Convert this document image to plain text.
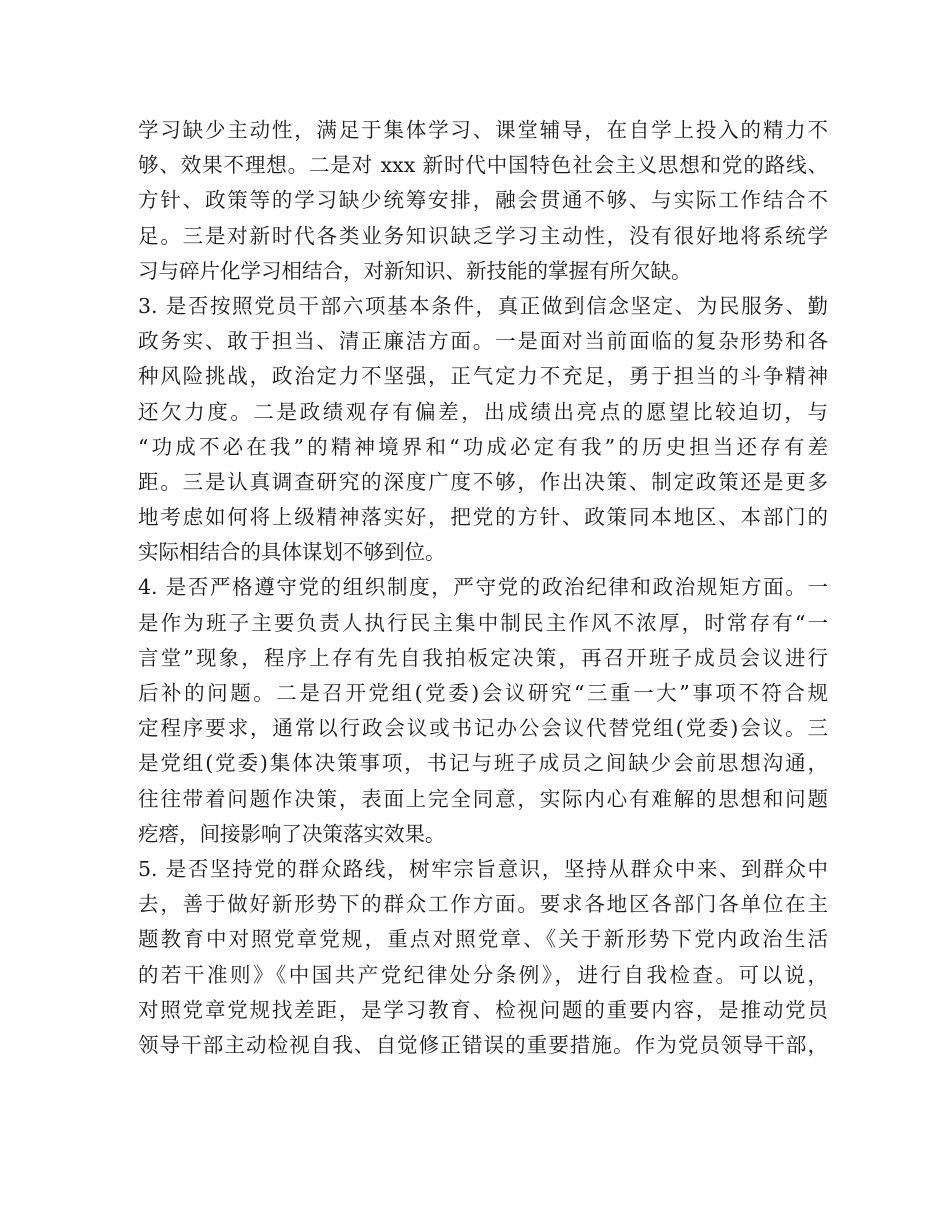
学习缺少主动性，满足于集体学习、课堂辅导，在自学上投入的精力不
够、效果不理想。二是对 xxx 新时代中国特色社会主义思想和党的路线、
方针、政策等的学习缺少统筹安排，融会贯通不够、与实际工作结合不
足。三是对新时代各类业务知识缺乏学习主动性，没有很好地将系统学
习与碎片化学习相结合，对新知识、新技能的掌握有所欠缺。
3. 是否按照党员干部六项基本条件，真正做到信念坚定、为民服务、勤
政务实、敢于担当、清正廉洁方面。一是面对当前面临的复杂形势和各
种风险挑战，政治定力不坚强，正气定力不充足，勇于担当的斗争精神
还欠力度。二是政绩观存有偏差，出成绩出亮点的愿望比较迫切，与
“功成不必在我”的精神境界和“功成必定有我”的历史担当还存有差
距。三是认真调查研究的深度广度不够，作出决策、制定政策还是更多
地考虑如何将上级精神落实好，把党的方针、政策同本地区、本部门的
实际相结合的具体谋划不够到位。
4. 是否严格遵守党的组织制度，严守党的政治纪律和政治规矩方面。一
是作为班子主要负责人执行民主集中制民主作风不浓厚，时常存有“一
言堂”现象，程序上存有先自我拍板定决策，再召开班子成员会议进行
后补的问题。二是召开党组(党委)会议研究“三重一大”事项不符合规
定程序要求，通常以行政会议或书记办公会议代替党组(党委)会议。三
是党组(党委)集体决策事项，书记与班子成员之间缺少会前思想沟通，
往往带着问题作决策，表面上完全同意，实际内心有难解的思想和问题
疙瘩，间接影响了决策落实效果。
5. 是否坚持党的群众路线，树牢宗旨意识，坚持从群众中来、到群众中
去，善于做好新形势下的群众工作方面。要求各地区各部门各单位在主
题教育中对照党章党规，重点对照党章、《关于新形势下党内政治生活
的若干准则》《中国共产党纪律处分条例》，进行自我检查。可以说，
对照党章党规找差距，是学习教育、检视问题的重要内容，是推动党员
领导干部主动检视自我、自觉修正错误的重要措施。作为党员领导干部，
